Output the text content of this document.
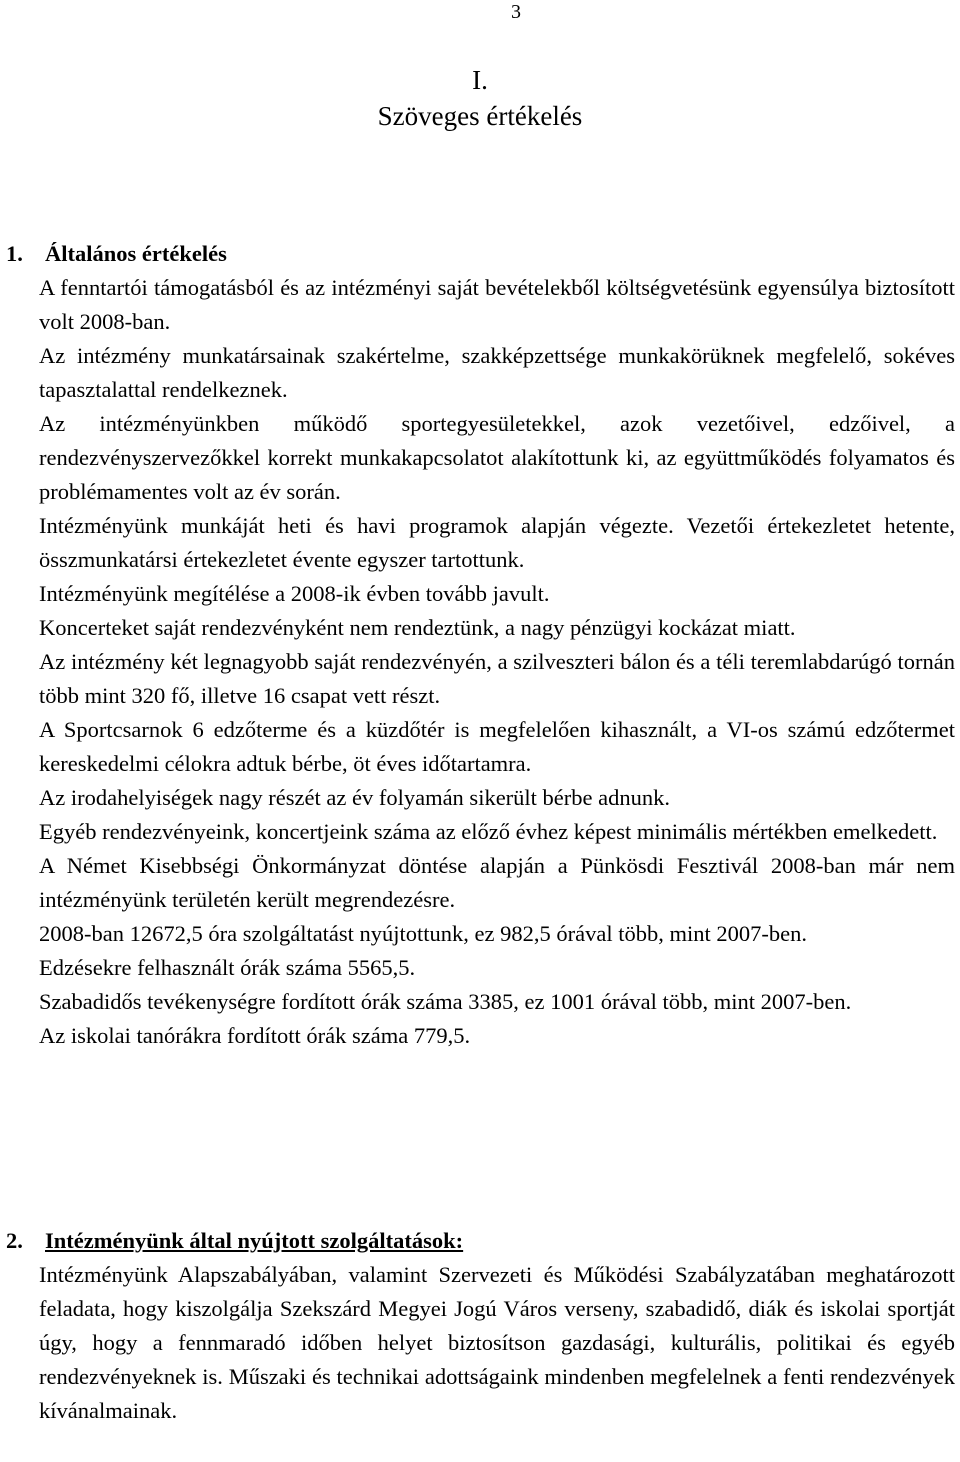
3
I.
Szöveges értékelés
1. Általános értékelés

A fenntartói támogatásból és az intézményi saját bevételekből költségvetésünk egyensúlya biztosított volt 2008-ban.

Az intézmény munkatársainak szakértelme, szakképzettsége munkakörüknek megfelelő, sokéves tapasztalattal rendelkeznek.

Az intézményünkben működő sportegyesületekkel, azok vezetőivel, edzőivel, a rendezvényszervezőkkel korrekt munkakapcsolatot alakítottunk ki, az együttműködés folyamatos és problémamentes volt az év során.

Intézményünk munkáját heti és havi programok alapján végezte. Vezetői értekezletet hetente, összmunkatársi értekezletet évente egyszer tartottunk.

Intézményünk megítélése a 2008-ik évben tovább javult.

Koncerteket saját rendezvényként nem rendeztünk, a nagy pénzügyi kockázat miatt.

Az intézmény két legnagyobb saját rendezvényén, a szilveszteri bálon és a téli teremlabdarúgó tornán több mint 320 fő, illetve 16 csapat vett részt.

A Sportcsarnok 6 edzőterme és a küzdőtér is megfelelően kihasznált, a VI-os számú edzőtermet kereskedelmi célokra adtuk bérbe, öt éves időtartamra.

Az irodahelyiségek nagy részét az év folyamán sikerült bérbe adnunk.

Egyéb rendezvényeink, koncertjeink száma az előző évhez képest minimális mértékben emelkedett.

A Német Kisebbségi Önkormányzat döntése alapján a Pünkösdi Fesztivál 2008-ban már nem intézményünk területén került megrendezésre.

2008-ban 12672,5 óra szolgáltatást nyújtottunk, ez 982,5 órával több, mint 2007-ben.

Edzésekre felhasznált órák száma 5565,5.

Szabadidős tevékenységre fordított órák száma 3385, ez 1001 órával több, mint 2007-ben.

Az iskolai tanórákra fordított órák száma 779,5.

2. Intézményünk által nyújtott szolgáltatások:

Intézményünk Alapszabályában, valamint Szervezeti és Működési Szabályzatában meghatározott feladata, hogy kiszolgálja Szekszárd Megyei Jogú Város verseny, szabadidő, diák és iskolai sportját úgy, hogy a fennmaradó időben helyet biztosítson gazdasági, kulturális, politikai és egyéb rendezvényeknek is. Műszaki és technikai adottságaink mindenben megfelelnek a fenti rendezvények kívánalmainak.
